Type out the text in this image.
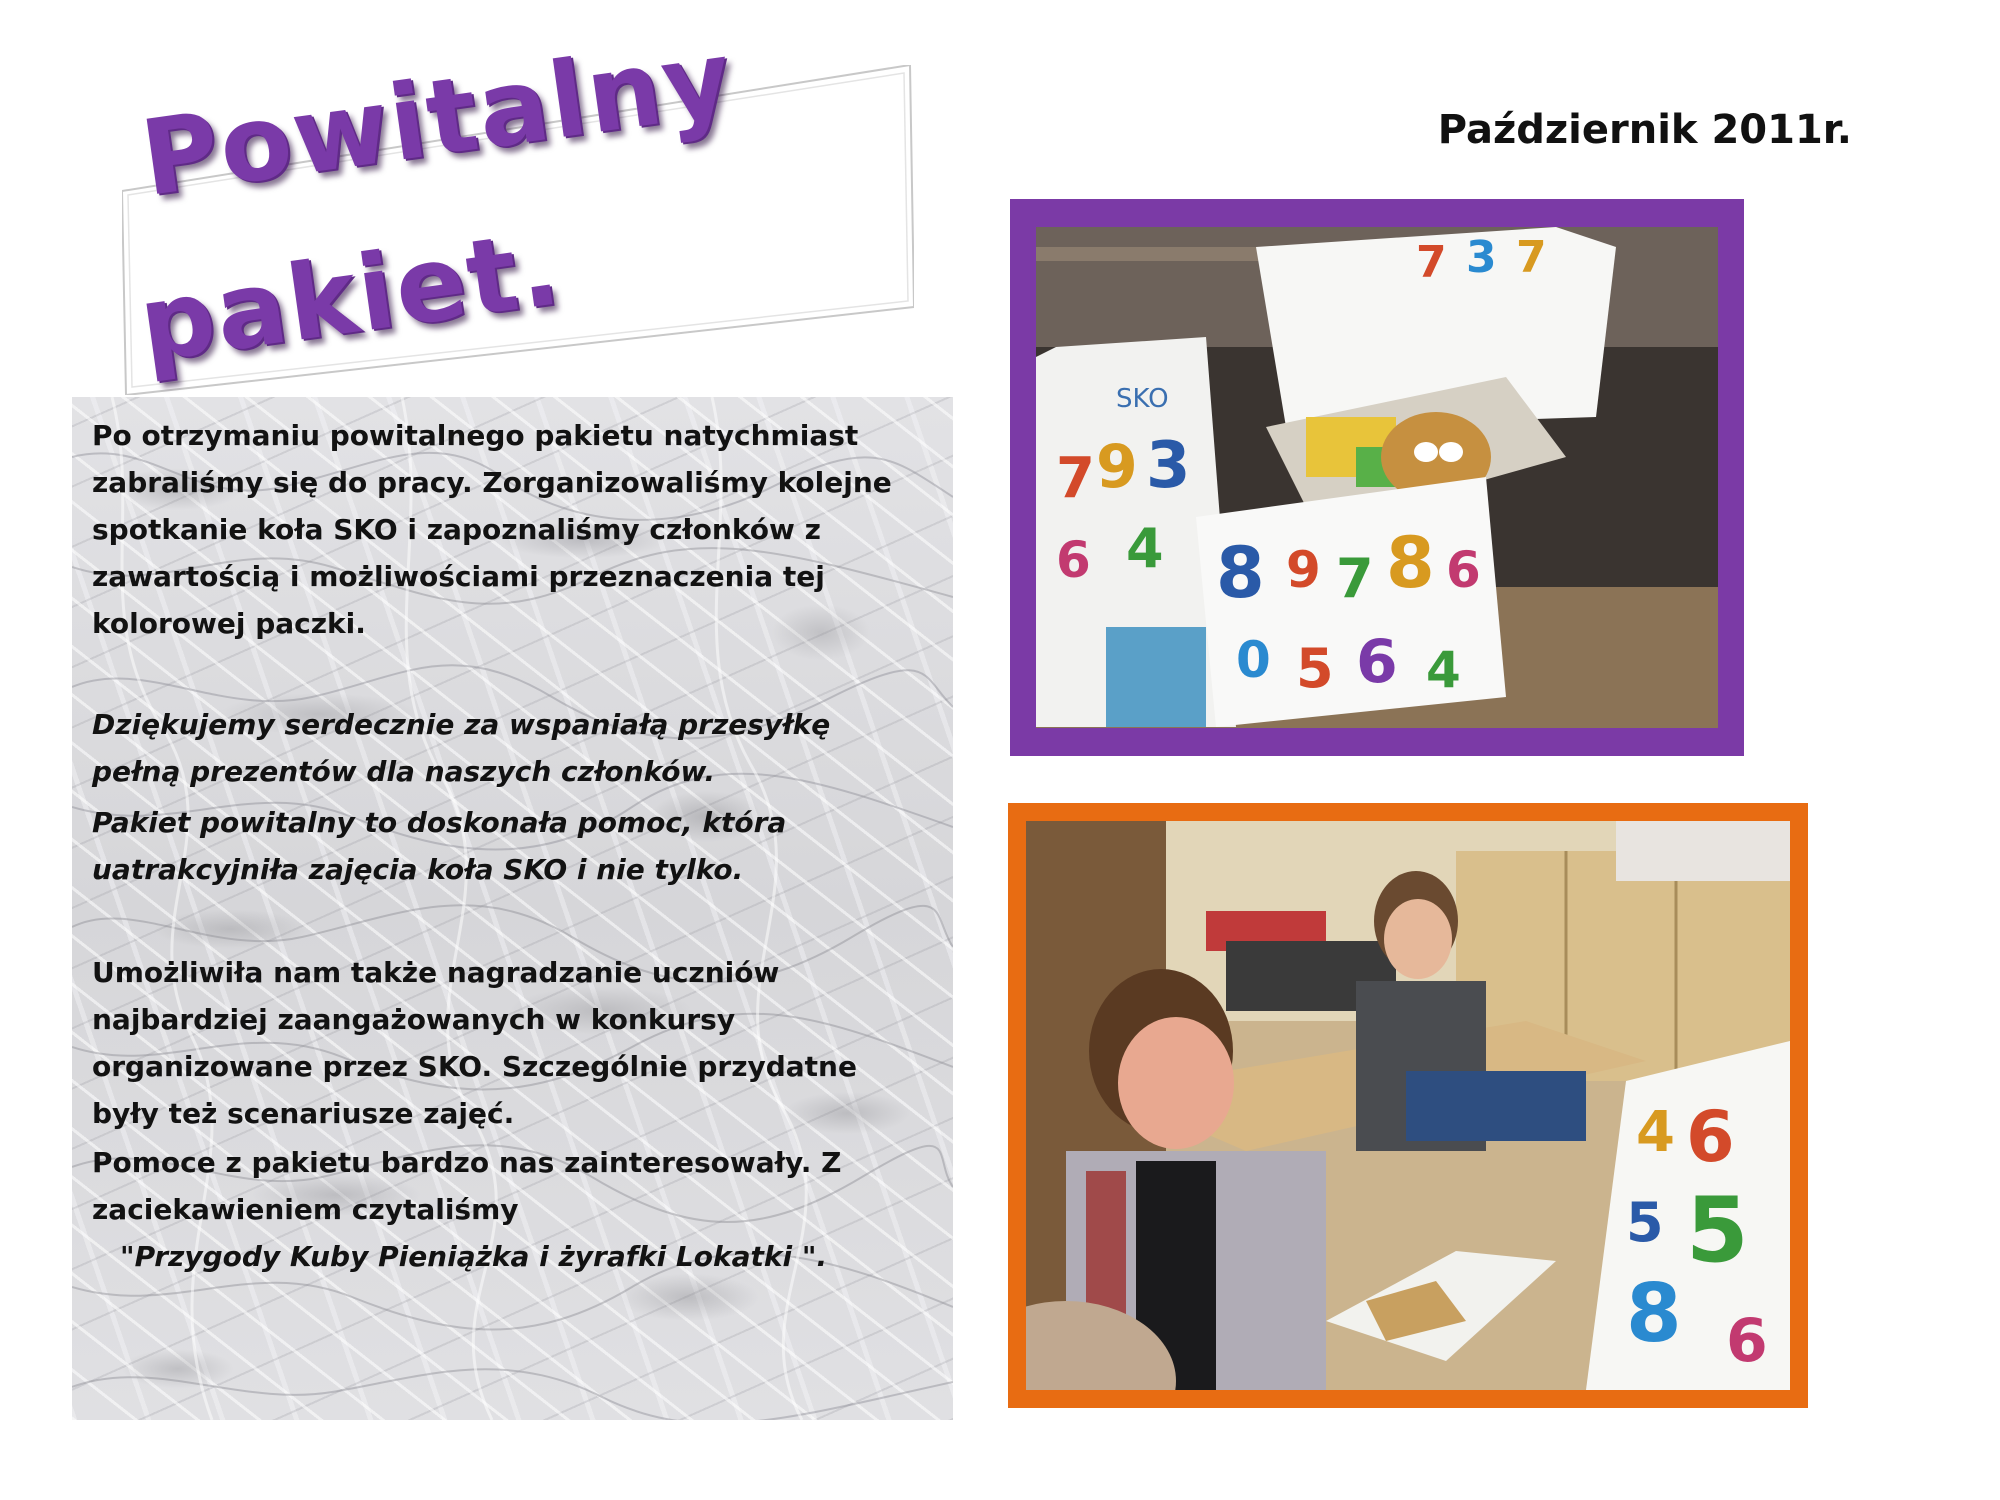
Powitalny
pakiet.

Październik 2011r.

Po otrzymaniu powitalnego pakietu natychmiast

zabraliśmy się do pracy. Zorganizowaliśmy kolejne

spotkanie koła SKO i zapoznaliśmy członków z

zawartością i możliwościami przeznaczenia tej

kolorowej paczki.

Dziękujemy serdecznie za wspaniałą przesyłkę

pełną prezentów dla naszych członków.

Pakiet powitalny to doskonała pomoc, która

uatrakcyjniła zajęcia koła SKO i nie tylko.

Umożliwiła nam także nagradzanie uczniów

najbardziej zaangażowanych w konkursy

organizowane przez SKO. Szczególnie przydatne

były też scenariusze zajęć.

Pomoce z pakietu bardzo nas zainteresowały. Z

zaciekawieniem czytaliśmy

"Przygody Kuby Pieniążka i żyrafki Lokatki ".

SKO
7 9 3
6 4
7 3 7
8 9 7 8 6
0 5 6 4
4 6
5 5
8 6
